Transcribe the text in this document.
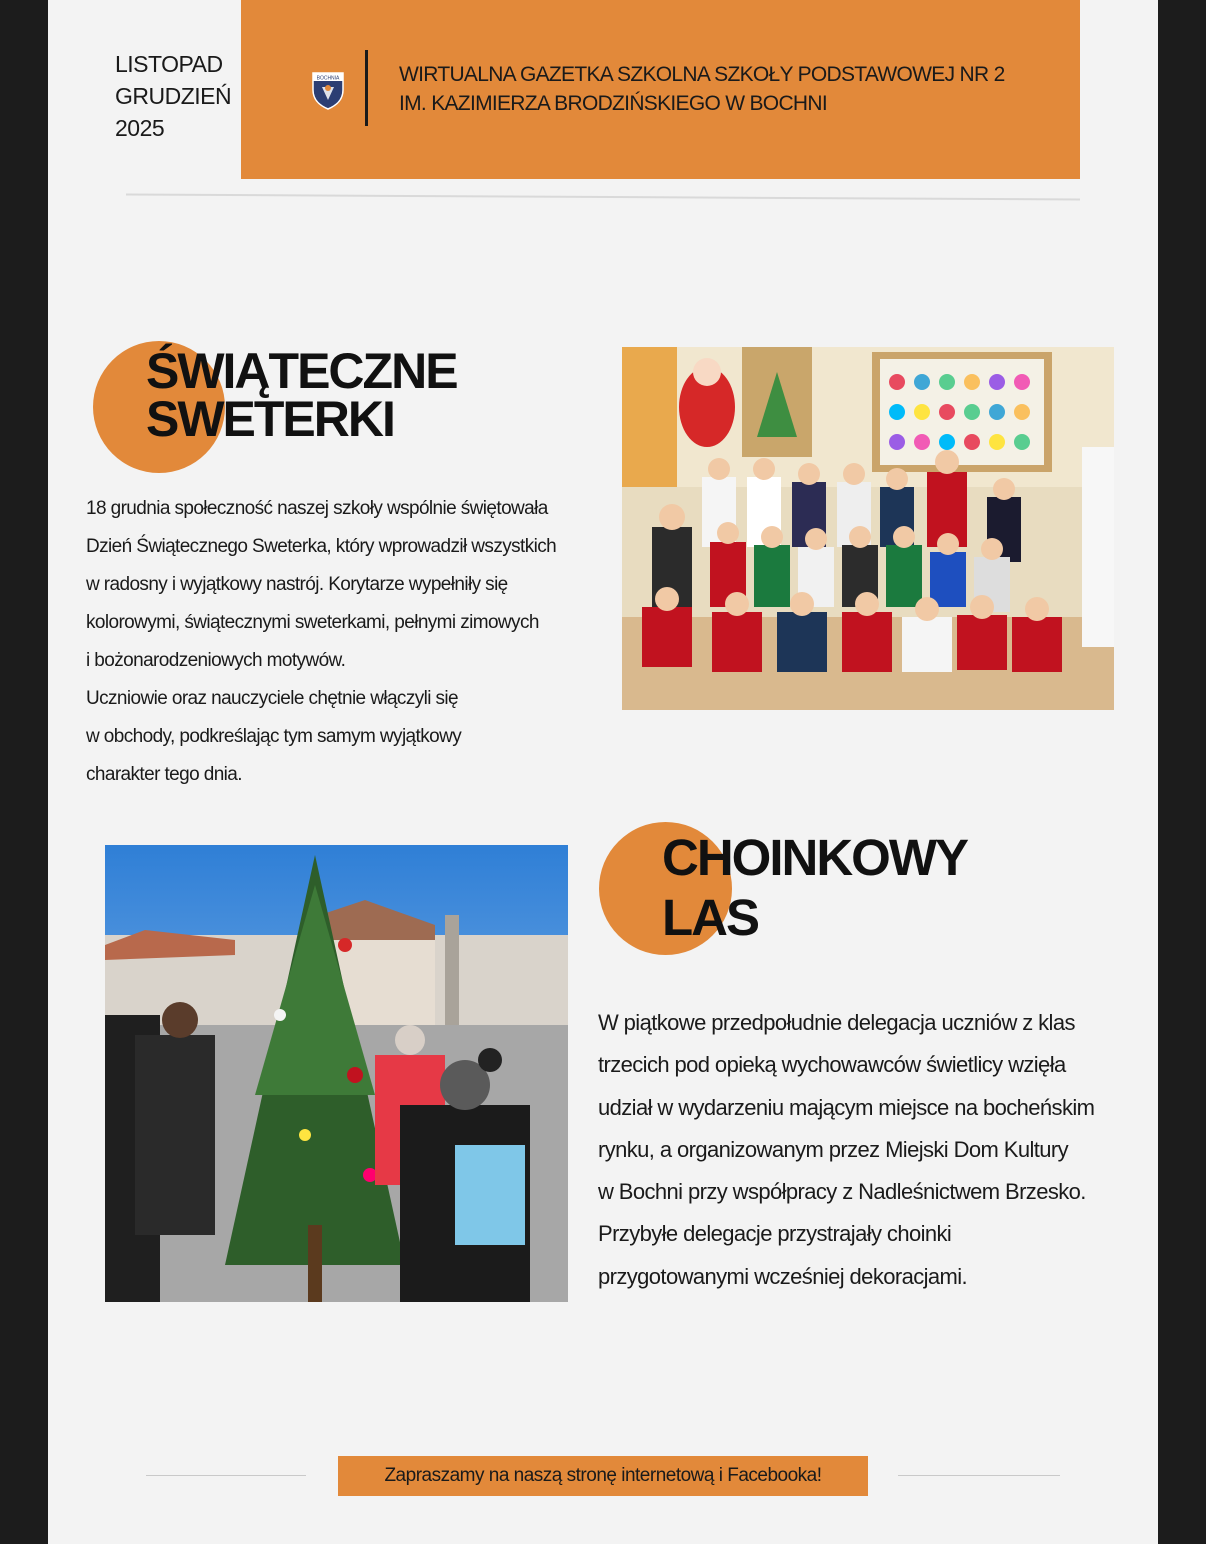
LISTOPAD
GRUDZIEŃ
2025
BOCHNIA	WIRTUALNA GAZETKA SZKOLNA SZKOŁY PODSTAWOWEJ NR 2
IM. KAZIMIERZA BRODZIŃSKIEGO W BOCHNI
ŚWIĄTECZNE
SWETERKI
18 grudnia społeczność naszej szkoły wspólnie świętowała
Dzień Świątecznego Sweterka, który wprowadził wszystkich
w radosny i wyjątkowy nastrój. Korytarze wypełniły się
kolorowymi, świątecznymi sweterkami, pełnymi zimowych
i bożonarodzeniowych motywów.
Uczniowie oraz nauczyciele chętnie włączyli się
w obchody, podkreślając tym samym wyjątkowy
charakter tego dnia.
CHOINKOWY
LAS
W piątkowe przedpołudnie delegacja uczniów z klas
trzecich pod opieką wychowawców świetlicy wzięła
udział w wydarzeniu mającym miejsce na bocheńskim
rynku, a organizowanym przez Miejski Dom Kultury
w Bochni przy współpracy z Nadleśnictwem Brzesko.
Przybyłe delegacje przystrajały choinki
przygotowanymi wcześniej dekoracjami.
Zapraszamy na naszą stronę internetową i Facebooka!
